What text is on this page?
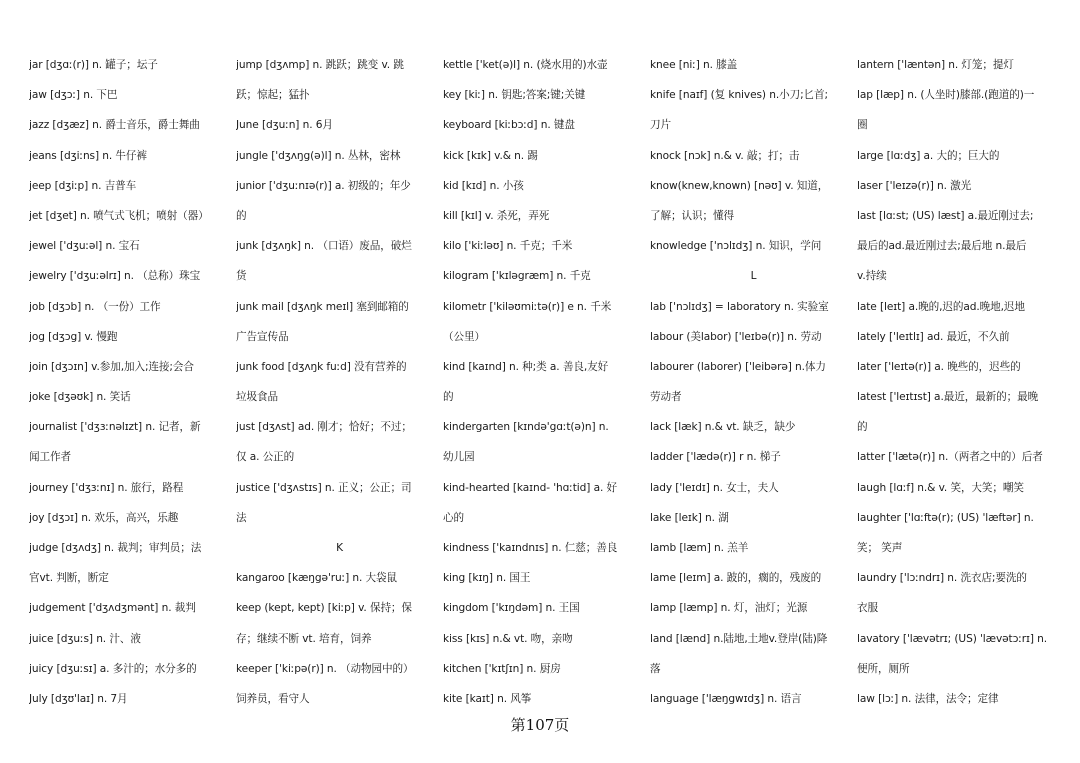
jar [dʒɑː(r)] n. 罐子；坛子
jaw [dʒɔː] n. 下巴
jazz [dʒæz] n. 爵士音乐，爵士舞曲
jeans [dʒiːns] n. 牛仔裤
jeep [dʒiːp] n. 吉普车
jet [dʒet] n. 喷气式飞机；喷射（器）
jewel ['dʒuːəl] n. 宝石
jewelry ['dʒuːəlrɪ] n. （总称）珠宝
job [dʒɔb] n. （一份）工作
jog [dʒɔg] v. 慢跑
join [dʒɔɪn] v.参加,加入;连接;会合
joke [dʒəʊk] n. 笑话
journalist ['dʒɜːnəlɪzt] n. 记者，新
闻工作者
journey ['dʒɜːnɪ] n. 旅行，路程
joy [dʒɔɪ] n. 欢乐，高兴，乐趣
judge [dʒʌdʒ] n. 裁判；审判员；法
官vt. 判断，断定
judgement ['dʒʌdʒmənt] n. 裁判
juice [dʒuːs] n. 汁、液
juicy [dʒuːsɪ] a. 多汁的；水分多的
July [dʒʊ'laɪ] n. 7月
jump [dʒʌmp] n. 跳跃；跳变 v. 跳
跃；惊起；猛扑
June [dʒuːn] n. 6月
jungle ['dʒʌŋg(ə)l] n. 丛林，密林
junior ['dʒuːnɪə(r)] a. 初级的；年少
的
junk [dʒʌŋk] n. （口语）废品，破烂
货
junk mail [dʒʌŋk meɪl] 塞到邮箱的
广告宣传品
junk food [dʒʌŋk fuːd] 没有营养的
垃圾食品
just [dʒʌst] ad. 刚才；恰好；不过；
仅 a. 公正的
justice ['dʒʌstɪs] n. 正义；公正；司
法
K
kangaroo [kæŋgə'ruː] n. 大袋鼠
keep (kept, kept) [kiːp] v. 保持；保
存；继续不断 vt. 培育，饲养
keeper ['kiːpə(r)] n. （动物园中的）
饲养员，看守人
kettle ['ket(ə)l] n. (烧水用的)水壶
key [kiː] n. 钥匙;答案;键;关键
keyboard [kiːbɔːd] n. 键盘
kick [kɪk] v.& n. 踢
kid [kɪd] n. 小孩
kill [kɪl] v. 杀死，弄死
kilo ['kiːləʊ] n. 千克；千米
kilogram ['kɪləgræm] n. 千克
kilometr ['kiləʊmiːtə(r)] e n. 千米
（公里）
kind [kaɪnd] n. 种;类 a. 善良,友好
的
kindergarten [kɪndə'gɑːt(ə)n] n.
幼儿园
kind-hearted [kaɪnd- 'hɑːtid] a. 好
心的
kindness ['kaɪndnɪs] n. 仁慈；善良
king [kɪŋ] n. 国王
kingdom ['kɪŋdəm] n. 王国
kiss [kɪs] n.& vt. 吻，亲吻
kitchen ['kɪtʃɪn] n. 厨房
kite [kaɪt] n. 风筝
knee [niː] n. 膝盖
knife [naɪf] (复 knives) n.小刀;匕首;
刀片
knock [nɔk] n.& v. 敲；打；击
know(knew,known) [nəʊ] v. 知道，
了解；认识；懂得
knowledge ['nɔlɪdʒ] n. 知识，学问
L
lab ['nɔlɪdʒ] = laboratory n. 实验室
labour (美labor) ['leɪbə(r)] n. 劳动
labourer (laborer) ['leibərə] n.体力
劳动者
lack [læk] n.& vt. 缺乏，缺少
ladder ['lædə(r)] r n. 梯子
lady ['leɪdɪ] n. 女士，夫人
lake [leɪk] n. 湖
lamb [læm] n. 羔羊
lame [leɪm] a. 跛的，瘸的，残废的
lamp [læmp] n. 灯，油灯；光源
land [lænd] n.陆地,土地v.登岸(陆)降
落
language ['læŋgwɪdʒ] n. 语言
lantern ['læntən] n. 灯笼；提灯
lap [læp] n. (人坐时)膝部.(跑道的)一
圈
large [lɑːdʒ] a. 大的；巨大的
laser ['leɪzə(r)] n. 激光
last [lɑːst; (US) læst] a.最近刚过去;
最后的ad.最近刚过去;最后地 n.最后
v.持续
late [leɪt] a.晚的,迟的ad.晚地,迟地
lately ['leɪtlɪ] ad. 最近，不久前
later ['leɪtə(r)] a. 晚些的，迟些的
latest ['leɪtɪst] a.最近，最新的；最晚
的
latter ['lætə(r)] n.（两者之中的）后者
laugh [lɑːf] n.& v. 笑，大笑；嘲笑
laughter ['lɑːftə(r); (US) 'læftər] n.
笑； 笑声
laundry ['lɔːndrɪ] n. 洗衣店;要洗的
衣服
lavatory ['lævətrɪ; (US) 'lævətɔːrɪ] n.
便所，厕所
law [lɔː] n. 法律，法令；定律
第107页
